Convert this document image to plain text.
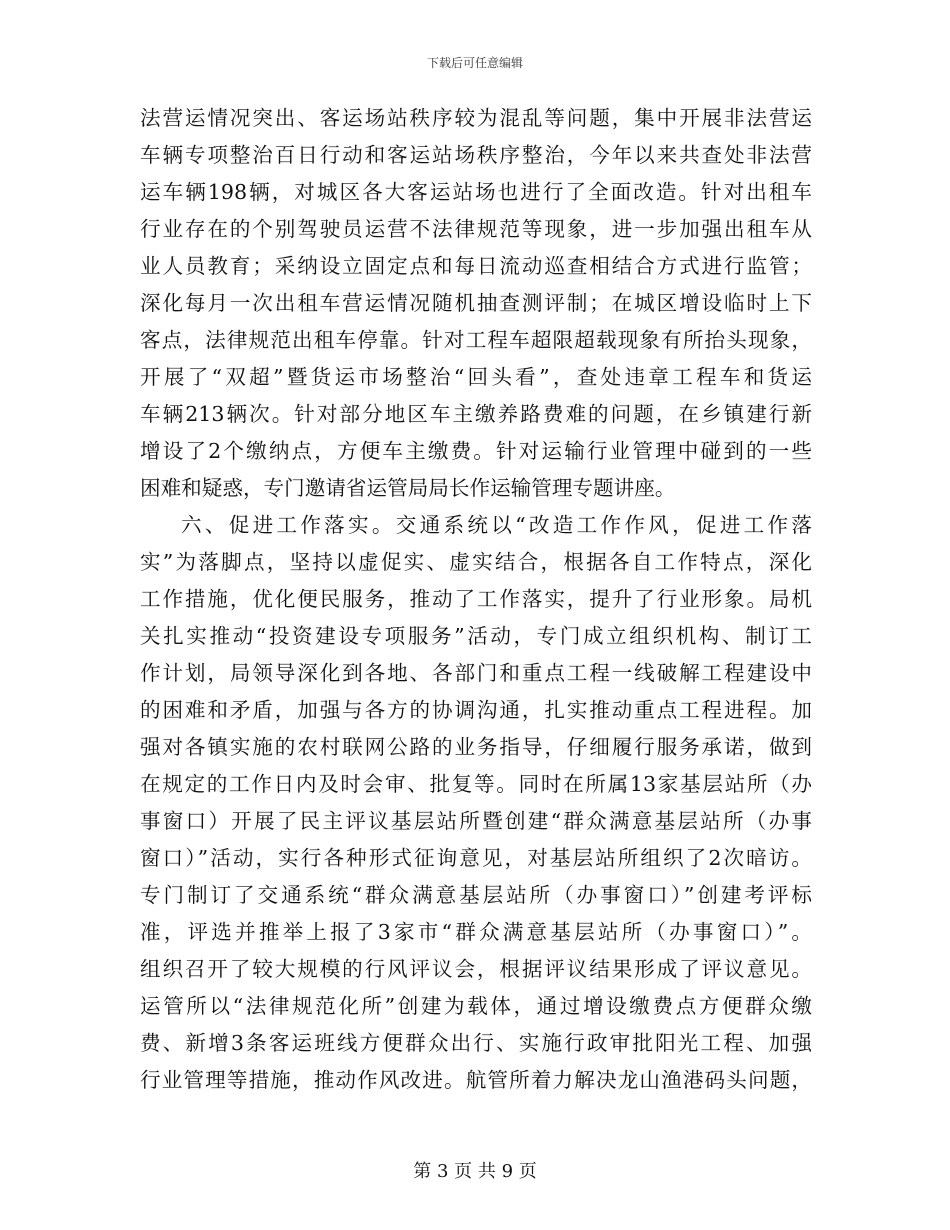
下载后可任意编辑
法营运情况突出、客运场站秩序较为混乱等问题，集中开展非法营运
车辆专项整治百日行动和客运站场秩序整治，今年以来共查处非法营
运车辆198辆，对城区各大客运站场也进行了全面改造。针对出租车
行业存在的个别驾驶员运营不法律规范等现象，进一步加强出租车从
业人员教育；采纳设立固定点和每日流动巡查相结合方式进行监管；
深化每月一次出租车营运情况随机抽查测评制；在城区增设临时上下
客点，法律规范出租车停靠。针对工程车超限超载现象有所抬头现象，
开展了“双超”暨货运市场整治“回头看”，查处违章工程车和货运
车辆213辆次。针对部分地区车主缴养路费难的问题，在乡镇建行新
增设了2个缴纳点，方便车主缴费。针对运输行业管理中碰到的一些
困难和疑惑，专门邀请省运管局局长作运输管理专题讲座。
六、促进工作落实。交通系统以“改造工作作风，促进工作落
实”为落脚点，坚持以虚促实、虚实结合，根据各自工作特点，深化
工作措施，优化便民服务，推动了工作落实，提升了行业形象。局机
关扎实推动“投资建设专项服务”活动，专门成立组织机构、制订工
作计划，局领导深化到各地、各部门和重点工程一线破解工程建设中
的困难和矛盾，加强与各方的协调沟通，扎实推动重点工程进程。加
强对各镇实施的农村联网公路的业务指导，仔细履行服务承诺，做到
在规定的工作日内及时会审、批复等。同时在所属13家基层站所（办
事窗口）开展了民主评议基层站所暨创建“群众满意基层站所（办事
窗口）”活动，实行各种形式征询意见，对基层站所组织了2次暗访。
专门制订了交通系统“群众满意基层站所（办事窗口）”创建考评标
准，评选并推举上报了3家市“群众满意基层站所（办事窗口）”。
组织召开了较大规模的行风评议会，根据评议结果形成了评议意见。
运管所以“法律规范化所”创建为载体，通过增设缴费点方便群众缴
费、新增3条客运班线方便群众出行、实施行政审批阳光工程、加强
行业管理等措施，推动作风改进。航管所着力解决龙山渔港码头问题，
第 3 页 共 9 页
